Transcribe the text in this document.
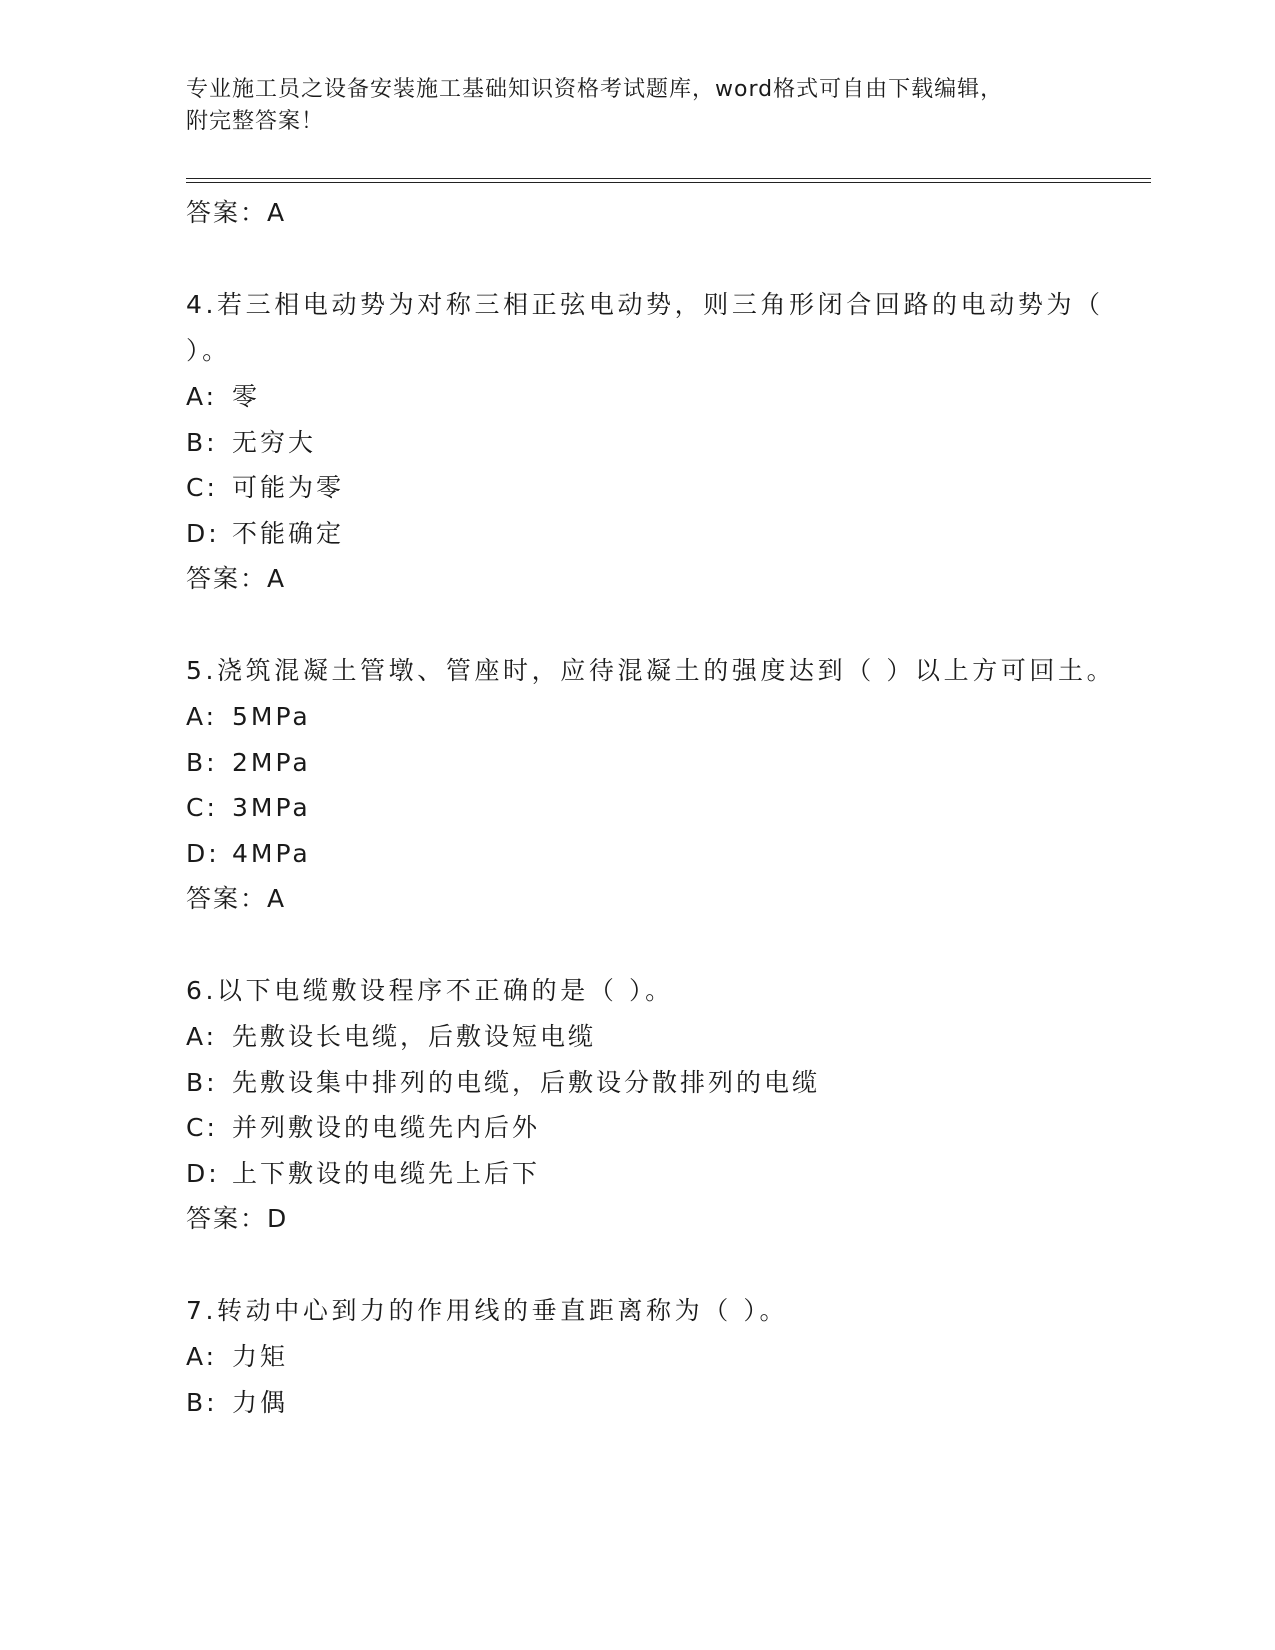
专业施工员之设备安装施工基础知识资格考试题库，word格式可自由下载编辑，
附完整答案！

答案：A

4.若三相电动势为对称三相正弦电动势，则三角形闭合回路的电动势为（ ）。

A: 零

B: 无穷大

C: 可能为零

D: 不能确定

答案：A

5.浇筑混凝土管墩、管座时，应待混凝土的强度达到（ ）以上方可回土。

A: 5MPa

B: 2MPa

C: 3MPa

D: 4MPa

答案：A

6.以下电缆敷设程序不正确的是（ ）。

A: 先敷设长电缆，后敷设短电缆

B: 先敷设集中排列的电缆，后敷设分散排列的电缆

C: 并列敷设的电缆先内后外

D: 上下敷设的电缆先上后下

答案：D

7.转动中心到力的作用线的垂直距离称为（ ）。

A: 力矩

B: 力偶
